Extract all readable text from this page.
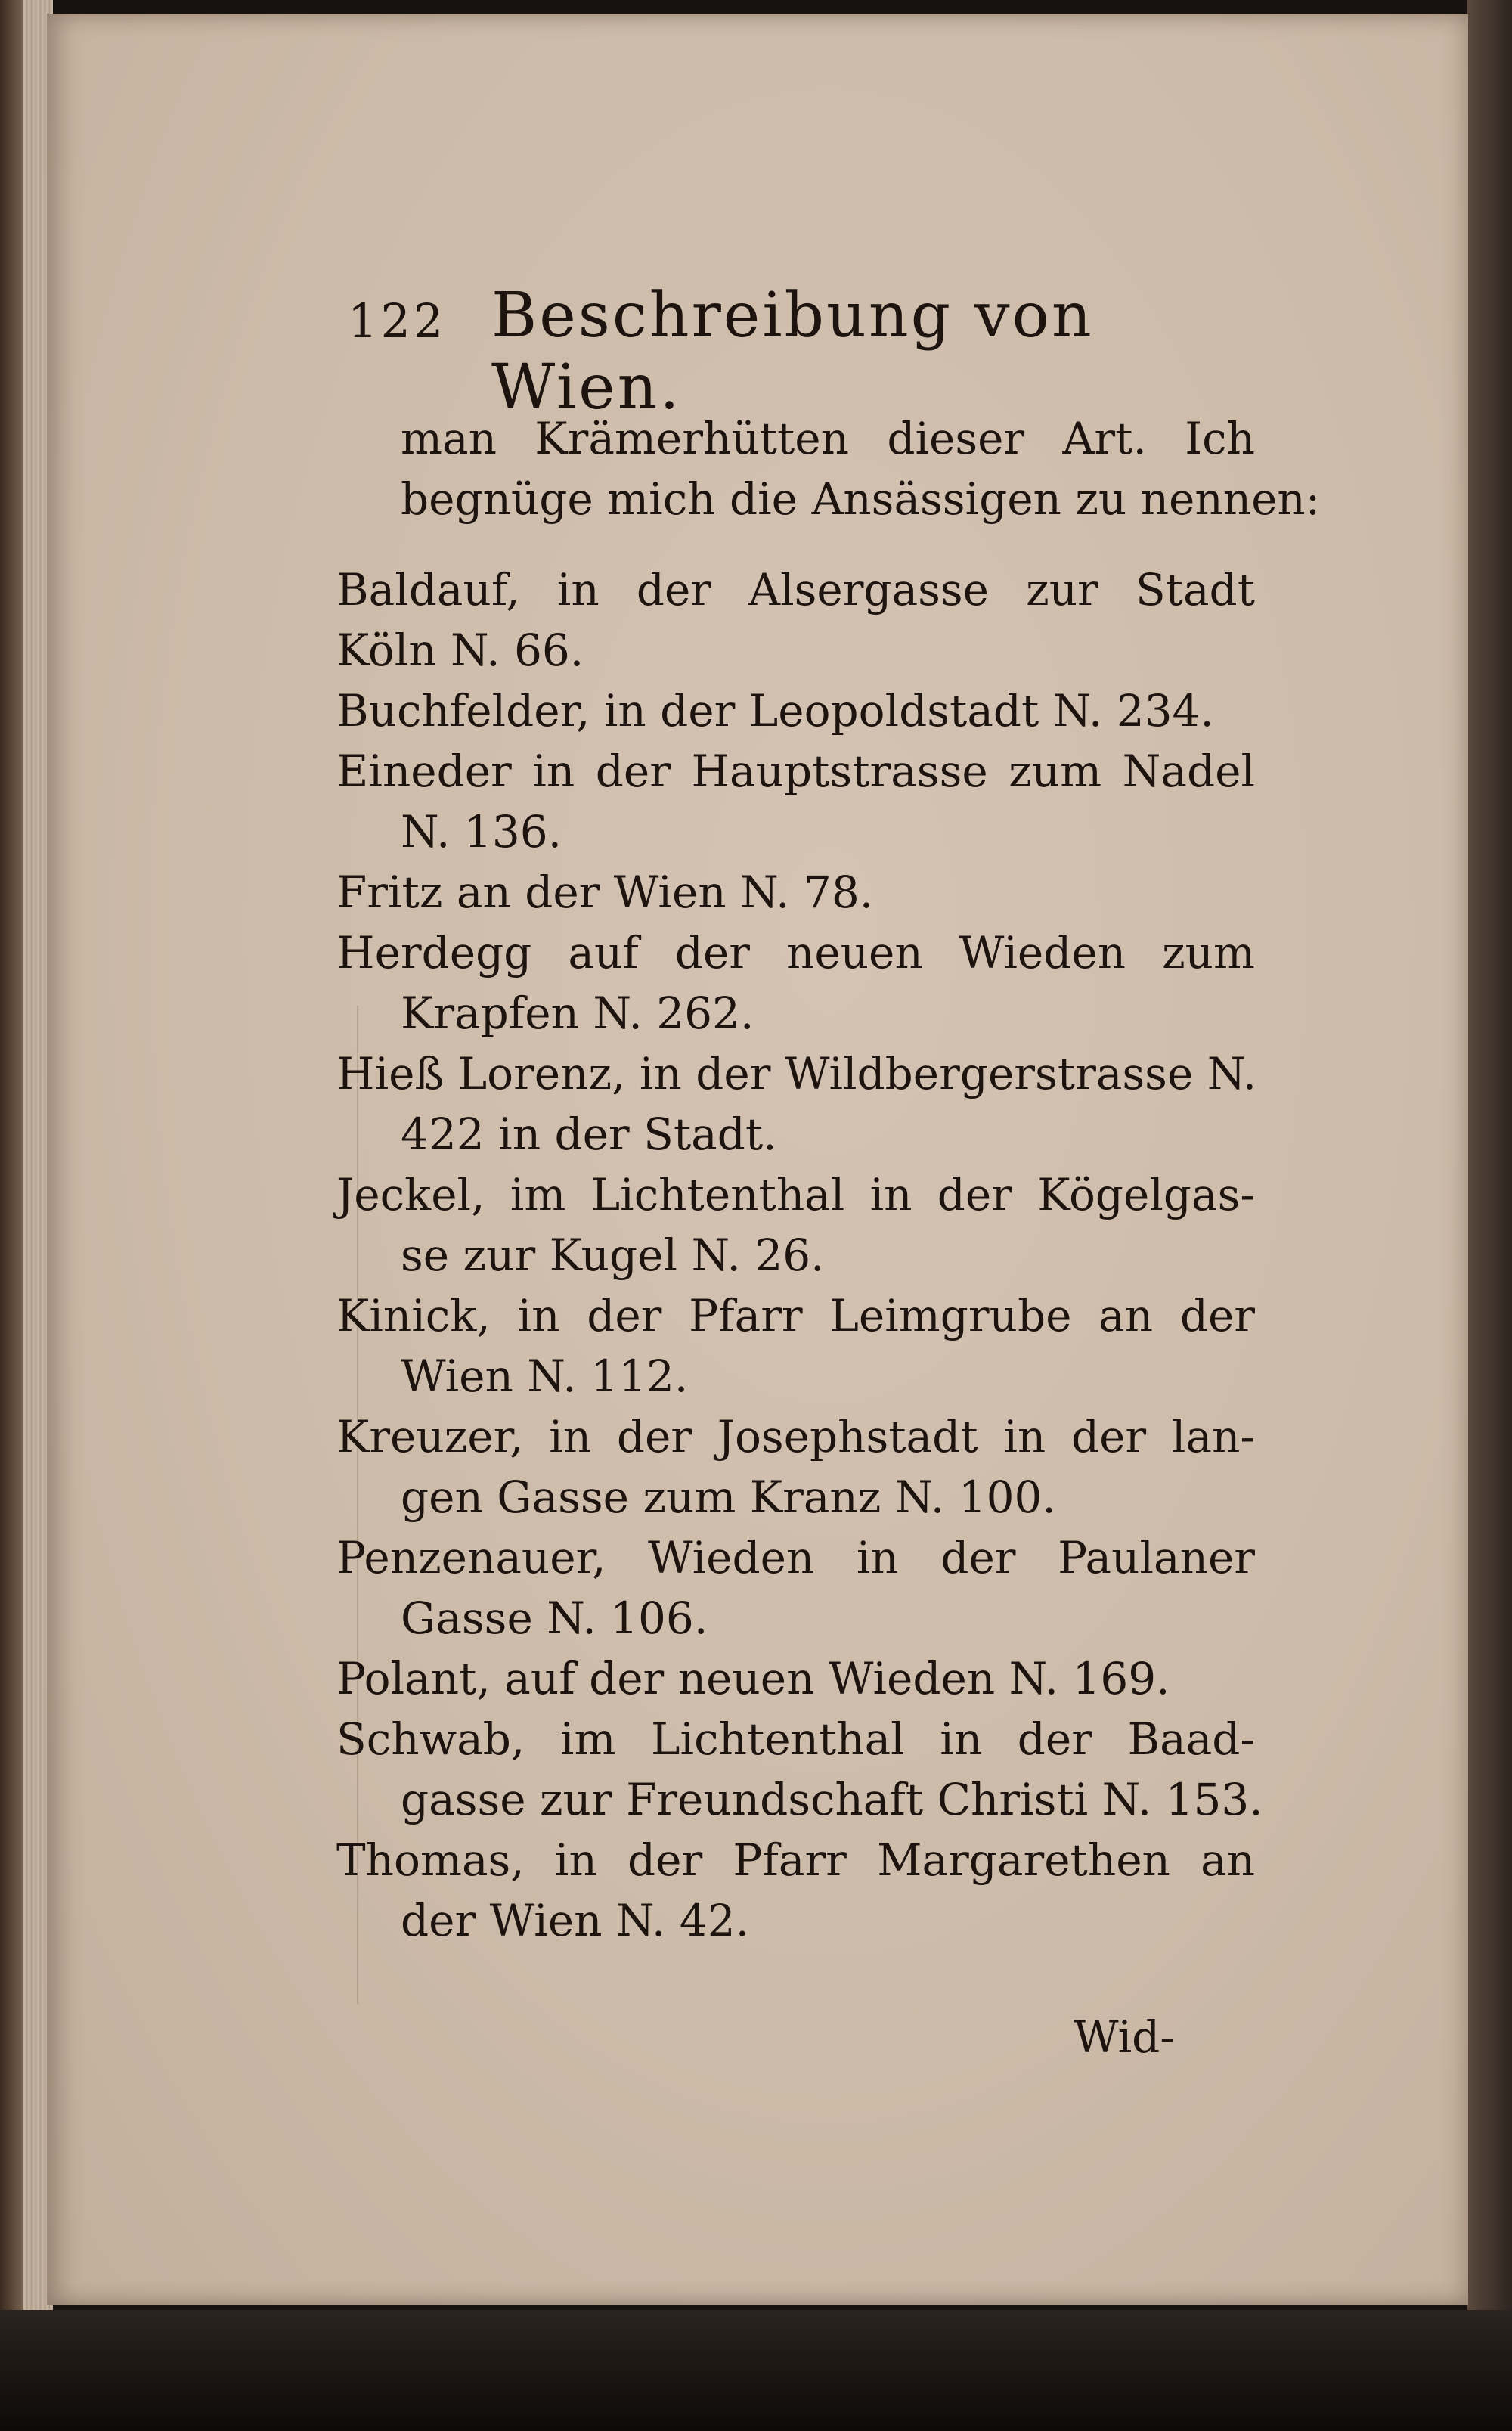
122 Beschreibung von Wien.
man Krämerhütten dieser Art. Ich
begnüge mich die Ansässigen zu nennen:
Baldauf, in der Alsergasse zur Stadt
Köln N. 66.
Buchfelder, in der Leopoldstadt N. 234.
Eineder in der Hauptstrasse zum Nadel
N. 136.
Fritz an der Wien N. 78.
Herdegg auf der neuen Wieden zum
Krapfen N. 262.
Hieß Lorenz, in der Wildbergerstrasse N.
422 in der Stadt.
Jeckel, im Lichtenthal in der Kögelgas-
se zur Kugel N. 26.
Kinick, in der Pfarr Leimgrube an der
Wien N. 112.
Kreuzer, in der Josephstadt in der lan-
gen Gasse zum Kranz N. 100.
Penzenauer, Wieden in der Paulaner
Gasse N. 106.
Polant, auf der neuen Wieden N. 169.
Schwab, im Lichtenthal in der Baad-
gasse zur Freundschaft Christi N. 153.
Thomas, in der Pfarr Margarethen an
der Wien N. 42.
Wid-
